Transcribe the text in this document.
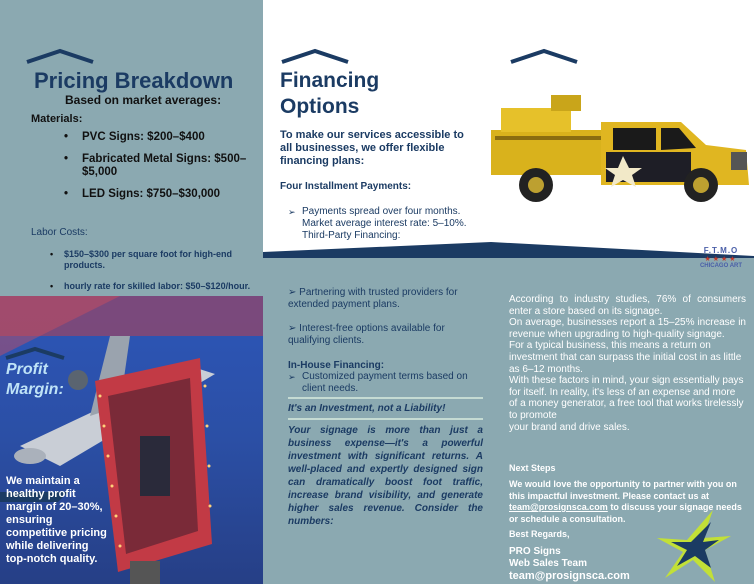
Pricing Breakdown
Based on market averages:
Materials:
• PVC Signs: $200–$400
• Fabricated Metal Signs: $500–$5,000
• LED Signs: $750–$30,000
Labor Costs:
• $150–$300 per square foot for high-end products.
• hourly rate for skilled labor: $50–$120/hour.
Profit Margin:
We maintain a healthy profit margin of 20–30%, ensuring competitive pricing while delivering top-notch quality.
Financing
Options
To make our services accessible to all businesses, we offer flexible financing plans:
Four Installment Payments:
➢ Payments spread over four months. Market average interest rate: 5–10%. Third-Party Financing:
➢ Partnering with trusted providers for extended payment plans.
➢ Interest-free options available for qualifying clients.
In-House Financing:
➢ Customized payment terms based on client needs.
It's an Investment, not a Liability!
Your signage is more than just a business expense—it's a powerful investment with significant returns. A well-placed and expertly designed sign can dramatically boost foot traffic, increase brand visibility, and generate higher sales revenue. Consider the numbers:
F.T.M.O
★★★★
CHICAGO ART

According to industry studies, 76% of consumers enter a store based on its signage.

On average, businesses report a 15–25% increase in revenue when upgrading to high-quality signage.

For a typical business, this means a return on investment that can surpass the initial cost in as little as 6–12 months.

With these factors in mind, your sign essentially pays for itself. In reality, it's less of an expense and more of a money generator, a free tool that works tirelessly to promote

your brand and drive sales.

Next Steps
We would love the opportunity to partner with you on this impactful investment. Please contact us at team@prosignsca.com to discuss your signage needs or schedule a consultation.
Best Regards,
PRO Signs
Web Sales Team
team@prosignsca.com
